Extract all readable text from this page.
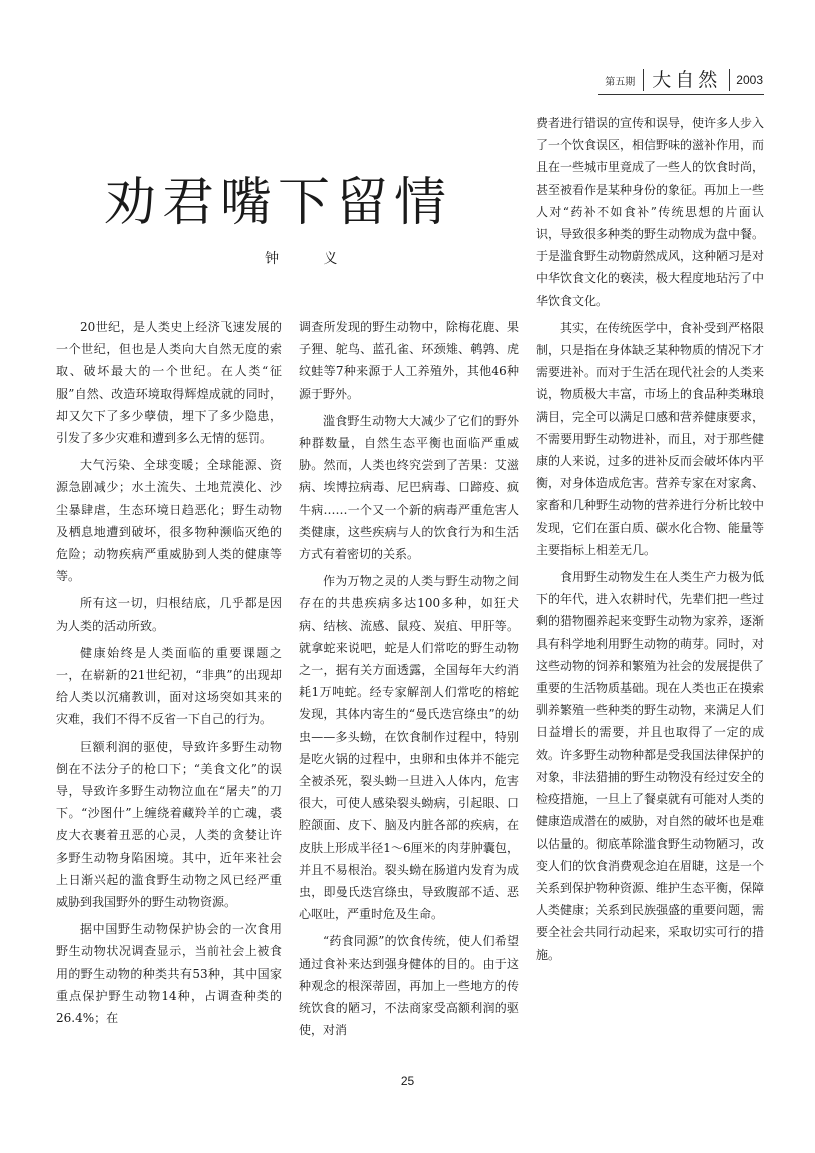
第五期 大自然	2003
劝君嘴下留情
钟 义

20世纪，是人类史上经济飞速发展的一个世纪，但也是人类向大自然无度的索取、破坏最大的一个世纪。在人类“征服”自然、改造环境取得辉煌成就的同时，却又欠下了多少孽债，埋下了多少隐患，引发了多少灾难和遭到多么无情的惩罚。

大气污染、全球变暖；全球能源、资源急剧减少；水土流失、土地荒漠化、沙尘暴肆虐，生态环境日趋恶化；野生动物及栖息地遭到破坏，很多物种濒临灭绝的危险；动物疾病严重威胁到人类的健康等等。

所有这一切，归根结底，几乎都是因为人类的活动所致。

健康始终是人类面临的重要课题之一，在崭新的21世纪初，“非典”的出现却给人类以沉痛教训，面对这场突如其来的灾难，我们不得不反省一下自己的行为。

巨额利润的驱使，导致许多野生动物倒在不法分子的枪口下；“美食文化”的误导，导致许多野生动物泣血在“屠夫”的刀下。“沙图什”上缠绕着藏羚羊的亡魂，裘皮大衣裹着丑恶的心灵，人类的贪婪让许多野生动物身陷困境。其中，近年来社会上日渐兴起的滥食野生动物之风已经严重威胁到我国野外的野生动物资源。

据中国野生动物保护协会的一次食用野生动物状况调查显示，当前社会上被食用的野生动物的种类共有53种，其中国家重点保护野生动物14种，占调查种类的26.4%；在

调查所发现的野生动物中，除梅花鹿、果子狸、鸵鸟、蓝孔雀、环颈雉、鹌鹑、虎纹蛙等7种来源于人工养殖外，其他46种源于野外。

滥食野生动物大大减少了它们的野外种群数量，自然生态平衡也面临严重威胁。然而，人类也终究尝到了苦果：艾滋病、埃博拉病毒、尼巴病毒、口蹄疫、疯牛病……一个又一个新的病毒严重危害人类健康，这些疾病与人的饮食行为和生活方式有着密切的关系。

作为万物之灵的人类与野生动物之间存在的共患疾病多达100多种，如狂犬病、结核、流感、鼠疫、炭疽、甲肝等。就拿蛇来说吧，蛇是人们常吃的野生动物之一，据有关方面透露，全国每年大约消耗1万吨蛇。经专家解剖人们常吃的榕蛇发现，其体内寄生的“曼氏迭宫绦虫”的幼虫——多头蚴，在饮食制作过程中，特别是吃火锅的过程中，虫卵和虫体并不能完全被杀死，裂头蚴一旦进入人体内，危害很大，可使人感染裂头蚴病，引起眼、口腔颌面、皮下、脑及内脏各部的疾病，在皮肤上形成半径1～6厘米的肉芽肿囊包，并且不易根治。裂头蚴在肠道内发育为成虫，即曼氏迭宫绦虫，导致腹部不适、恶心呕吐，严重时危及生命。

“药食同源”的饮食传统，使人们希望通过食补来达到强身健体的目的。由于这种观念的根深蒂固，再加上一些地方的传统饮食的陋习，不法商家受高额利润的驱使，对消

费者进行错误的宣传和误导，使许多人步入了一个饮食误区，相信野味的滋补作用，而且在一些城市里竟成了一些人的饮食时尚，甚至被看作是某种身份的象征。再加上一些人对“药补不如食补”传统思想的片面认识，导致很多种类的野生动物成为盘中餐。于是滥食野生动物蔚然成风，这种陋习是对中华饮食文化的亵渎，极大程度地玷污了中华饮食文化。

其实，在传统医学中，食补受到严格限制，只是指在身体缺乏某种物质的情况下才需要进补。而对于生活在现代社会的人类来说，物质极大丰富，市场上的食品种类琳琅满目，完全可以满足口感和营养健康要求，不需要用野生动物进补，而且，对于那些健康的人来说，过多的进补反而会破坏体内平衡，对身体造成危害。营养专家在对家禽、家畜和几种野生动物的营养进行分析比较中发现，它们在蛋白质、碳水化合物、能量等主要指标上相差无几。

食用野生动物发生在人类生产力极为低下的年代，进入农耕时代，先辈们把一些过剩的猎物圈养起来变野生动物为家养，逐渐具有科学地利用野生动物的萌芽。同时，对这些动物的饲养和繁殖为社会的发展提供了重要的生活物质基础。现在人类也正在摸索驯养繁殖一些种类的野生动物，来满足人们日益增长的需要，并且也取得了一定的成效。许多野生动物种都是受我国法律保护的对象，非法猎捕的野生动物没有经过安全的检疫措施，一旦上了餐桌就有可能对人类的健康造成潜在的威胁，对自然的破坏也是难以估量的。彻底革除滥食野生动物陋习，改变人们的饮食消费观念迫在眉睫，这是一个关系到保护物种资源、维护生态平衡，保障人类健康；关系到民族强盛的重要问题，需要全社会共同行动起来，采取切实可行的措施。

25
